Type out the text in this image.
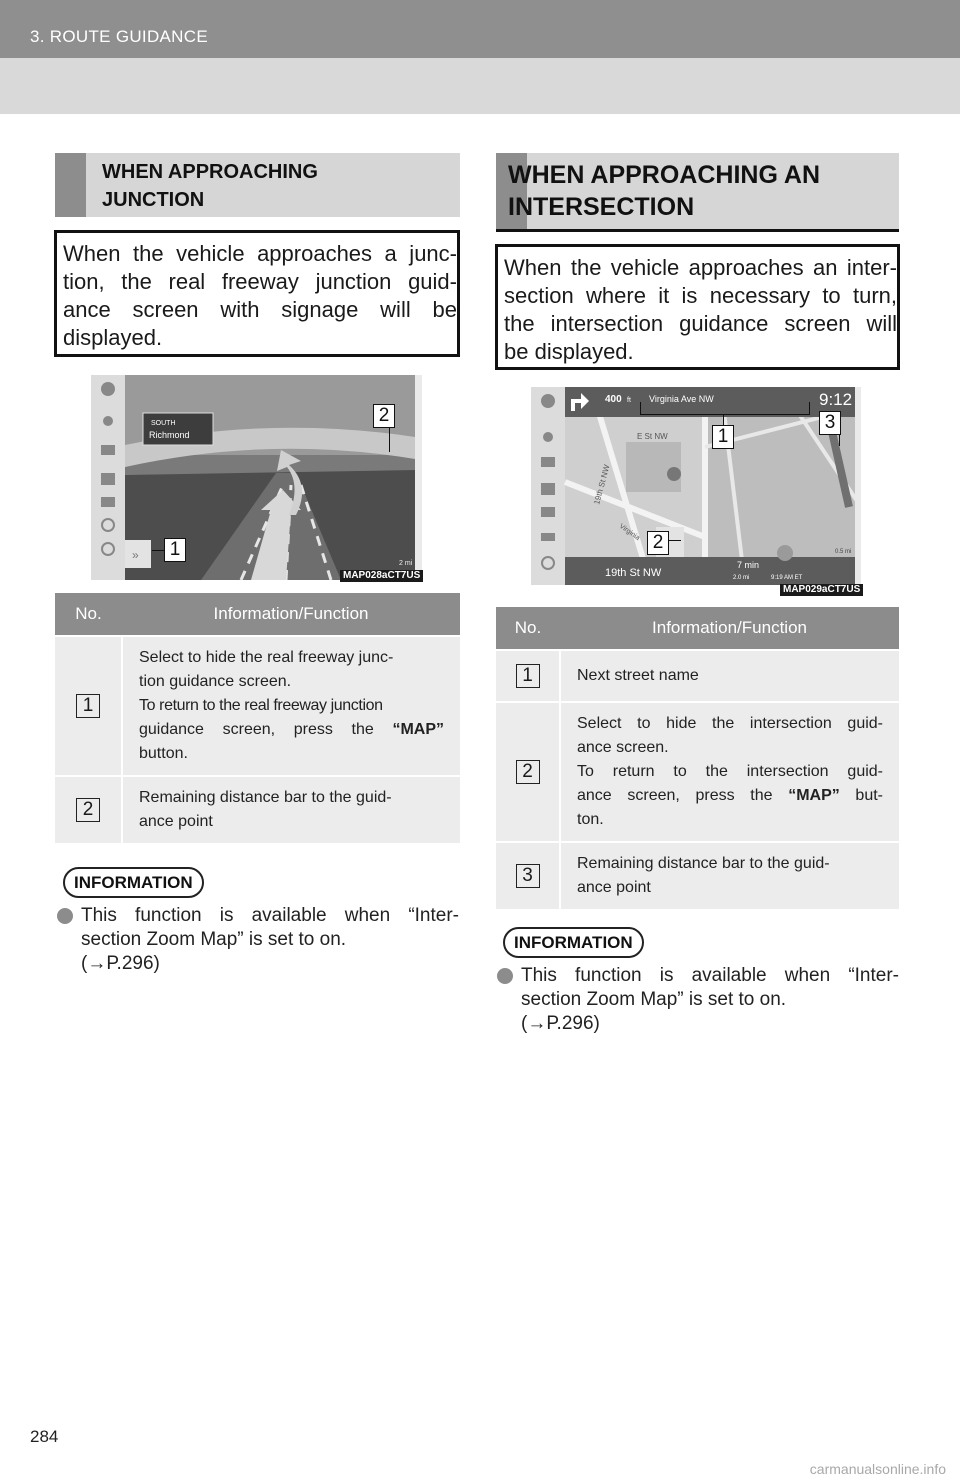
3. ROUTE GUIDANCE
WHEN APPROACHING
JUNCTION
When the vehicle approaches a junc-
tion, the real freeway junction guid-
ance screen with signage will be
displayed.
SOUTH
Richmond
2 mi
»
MAP028aCT7US
2
1
No.	Information/Function
1	Select to hide the real freeway junc-
tion guidance screen.
To return to the real freeway junction
guidance screen, press the “MAP”
button.

2	Remaining distance bar to the guid-
ance point
INFORMATION
This function is available when “Inter-
section Zoom Map” is set to on.
(→P.296)
WHEN APPROACHING AN
INTERSECTION
When the vehicle approaches an inter-
section where it is necessary to turn,
the intersection guidance screen will
be displayed.
400 ft Virginia Ave NW	9:12
E St NW
19th St NW
Virginia
19th St NW
7 min
2.0 mi	9:19 AM ET
0.5 mi
MAP029aCT7US
1
3
2
No.	Information/Function
1	Next street name

2	Select to hide the intersection guid-
ance screen.
To return to the intersection guid-
ance screen, press the “MAP” but-
ton.

3	Remaining distance bar to the guid-
ance point
INFORMATION
This function is available when “Inter-
section Zoom Map” is set to on.
(→P.296)
284
carmanualsonline.info
